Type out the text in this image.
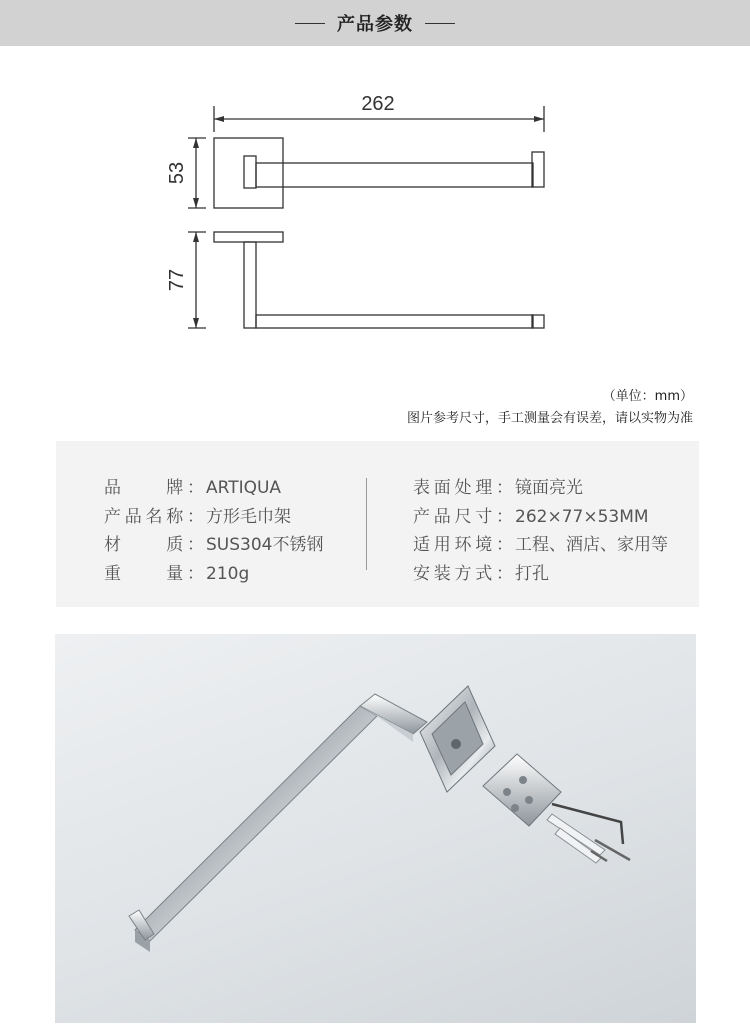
产品参数
262
53
77
（单位：mm）
图片参考尺寸，手工测量会有误差，请以实物为准
品　　牌： ARTIQUA
产品名称： 方形毛巾架
材　　质： SUS304不锈钢
重　　量： 210g
表面处理： 镜面亮光
产品尺寸： 262×77×53MM
适用环境： 工程、酒店、家用等
安装方式： 打孔
